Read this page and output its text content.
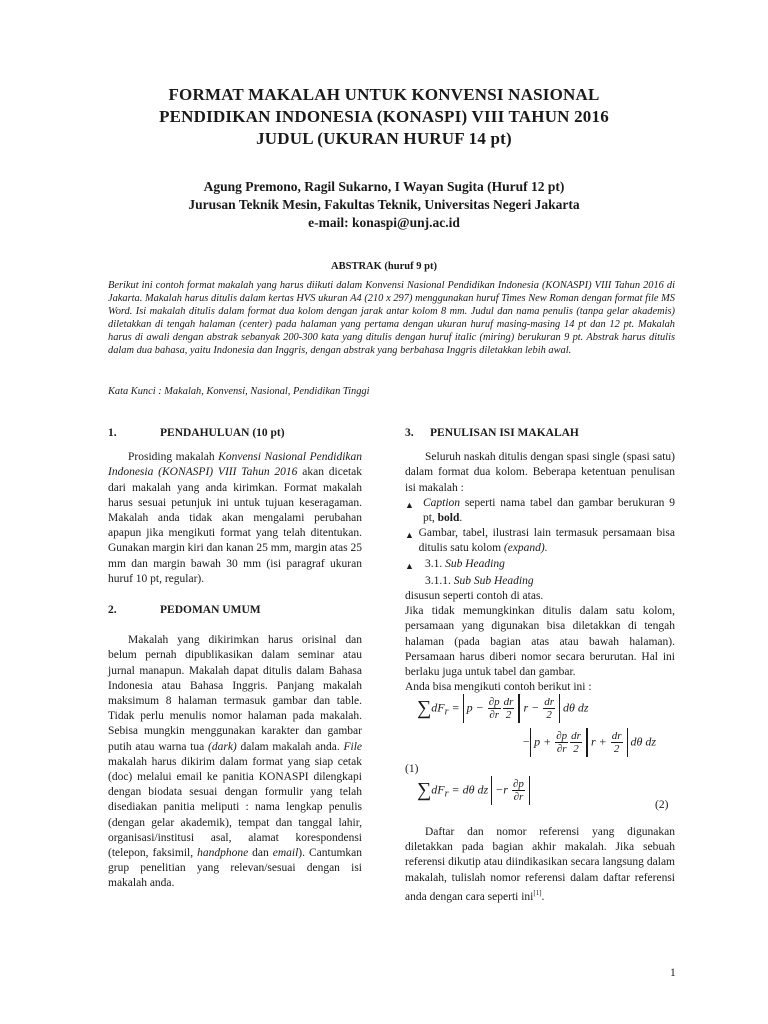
FORMAT MAKALAH UNTUK KONVENSI NASIONAL
PENDIDIKAN INDONESIA (KONASPI) VIII TAHUN 2016
JUDUL (UKURAN HURUF 14 pt)
Agung Premono, Ragil Sukarno, I Wayan Sugita (Huruf 12 pt)
Jurusan Teknik Mesin, Fakultas Teknik, Universitas Negeri Jakarta
e-mail: konaspi@unj.ac.id
ABSTRAK (huruf 9 pt)

Berikut ini contoh format makalah yang harus diikuti dalam Konvensi Nasional Pendidikan Indonesia (KONASPI) VIII Tahun 2016 di Jakarta. Makalah harus ditulis dalam kertas HVS ukuran A4 (210 x 297) menggunakan huruf Times New Roman dengan format file MS Word. Isi makalah ditulis dalam format dua kolom dengan jarak antar kolom 8 mm. Judul dan nama penulis (tanpa gelar akademis) diletakkan di tengah halaman (center) pada halaman yang pertama dengan ukuran huruf masing-masing 14 pt dan 12 pt. Makalah harus di awali dengan abstrak sebanyak 200-300 kata yang ditulis dengan huruf italic (miring) berukuran 9 pt. Abstrak harus ditulis dalam dua bahasa, yaitu Indonesia dan Inggris, dengan abstrak yang berbahasa Inggris diletakkan lebih awal.

Kata Kunci : Makalah, Konvensi, Nasional, Pendidikan Tinggi
1.	PENDAHULUAN (10 pt)

Prosiding makalah Konvensi Nasional Pendidikan Indonesia (KONASPI) VIII Tahun 2016 akan dicetak dari makalah yang anda kirimkan. Format makalah harus sesuai petunjuk ini untuk tujuan keseragaman. Makalah anda tidak akan mengalami perubahan apapun jika mengikuti format yang telah ditentukan. Gunakan margin kiri dan kanan 25 mm, margin atas 25 mm dan margin bawah 30 mm (isi paragraf ukuran huruf 10 pt, regular).

2.	PEDOMAN UMUM

Makalah yang dikirimkan harus orisinal dan belum pernah dipublikasikan dalam seminar atau jurnal manapun. Makalah dapat ditulis dalam Bahasa Indonesia atau Bahasa Inggris. Panjang makalah maksimum 8 halaman termasuk gambar dan table. Tidak perlu menulis nomor halaman pada makalah. Sebisa mungkin menggunakan karakter dan gambar putih atau warna tua (dark) dalam makalah anda. File makalah harus dikirim dalam format yang siap cetak (doc) melalui email ke panitia KONASPI dilengkapi dengan biodata sesuai dengan formulir yang telah disediakan panitia meliputi : nama lengkap penulis (dengan gelar akademik), tempat dan tanggal lahir, organisasi/institusi asal, alamat korespondensi (telepon, faksimil, handphone dan email). Cantumkan grup penelitian yang relevan/sesuai dengan isi makalah anda.

3.	PENULISAN ISI MAKALAH

Seluruh naskah ditulis dengan spasi single (spasi satu) dalam format dua kolom. Beberapa ketentuan penulisan isi makalah :

▲ Caption seperti nama tabel dan gambar berukuran 9 pt, bold.
▲ Gambar, tabel, ilustrasi lain termasuk persamaan bisa ditulis satu kolom (expand).
▲ 3.1. Sub Heading

3.1.1. Sub Sub Heading

disusun seperti contoh di atas.

Jika tidak memungkinkan ditulis dalam satu kolom, persamaan yang digunakan bisa diletakkan di tengah halaman (pada bagian atas atau bawah halaman). Persamaan harus diberi nomor secara berurutan. Hal ini berlaku juga untuk tabel dan gambar.

Anda bisa mengikuti contoh berikut ini :

$\sum dF_r = p - \frac{\partial p}{\partial r} \frac{dr}{2}$ $r - \frac{dr}{2}$ dθ dz
− $p + \frac{\partial p}{\partial r} \frac{dr}{2}$ $r + \frac{dr}{2}$ dθ dz
(1)
$\sum dF_r = d\theta$ dz $-r \frac{\partial p}{\partial r}$
(2)

Daftar dan nomor referensi yang digunakan diletakkan pada bagian akhir makalah. Jika sebuah referensi dikutip atau diindikasikan secara langsung dalam makalah, tulislah nomor referensi dalam daftar referensi anda dengan cara seperti ini[1].

1
